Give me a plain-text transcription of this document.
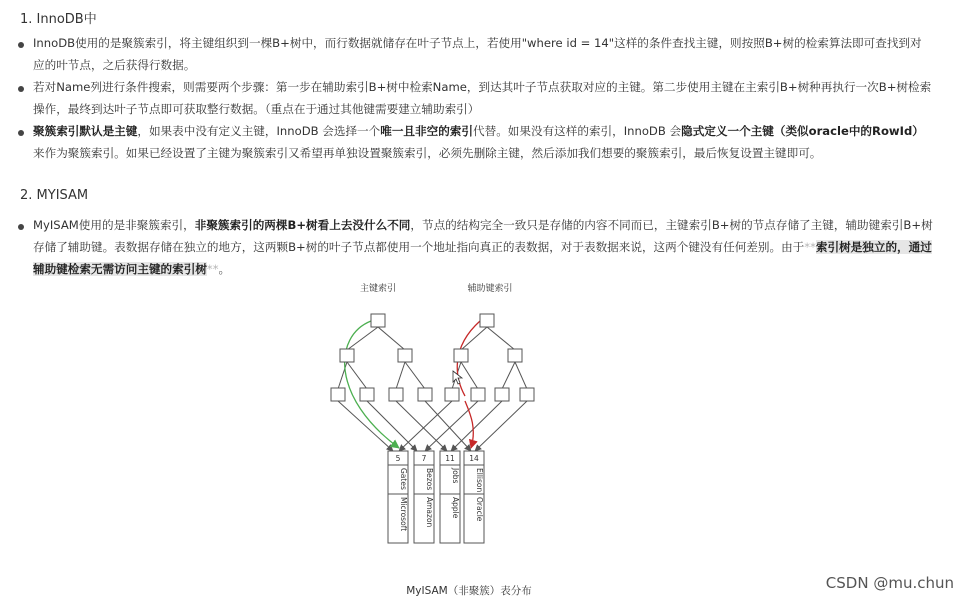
1. InnoDB中
InnoDB使用的是聚簇索引，将主键组织到一棵B+树中，而行数据就储存在叶子节点上，若使用"where id = 14"这样的条件查找主键，则按照B+树的检索算法即可查找到对应的叶节点，之后获得行数据。
若对Name列进行条件搜索，则需要两个步骤：第一步在辅助索引B+树中检索Name，到达其叶子节点获取对应的主键。第二步使用主键在主索引B+树种再执行一次B+树检索操作，最终到达叶子节点即可获取整行数据。（重点在于通过其他键需要建立辅助索引）
聚簇索引默认是主键，如果表中没有定义主键，InnoDB 会选择一个唯一且非空的索引代替。如果没有这样的索引，InnoDB 会隐式定义一个主键（类似oracle中的RowId）来作为聚簇索引。如果已经设置了主键为聚簇索引又希望再单独设置聚簇索引，必须先删除主键，然后添加我们想要的聚簇索引，最后恢复设置主键即可。
2. MYISAM
MyISAM使用的是非聚簇索引，非聚簇索引的两棵B+树看上去没什么不同，节点的结构完全一致只是存储的内容不同而已，主键索引B+树的节点存储了主键，辅助键索引B+树存储了辅助键。表数据存储在独立的地方，这两颗B+树的叶子节点都使用一个地址指向真正的表数据，对于表数据来说，这两个键没有任何差别。由于**索引树是独立的，通过辅助键检索无需访问主键的索引树**。
主键索引	辅助键索引
5
Gates
Microsoft
7
Bezos
Amazon
11
Jobs
Apple
14
Ellison
Oracle
MyISAM（非聚簇）表分布	CSDN @mu.chun
